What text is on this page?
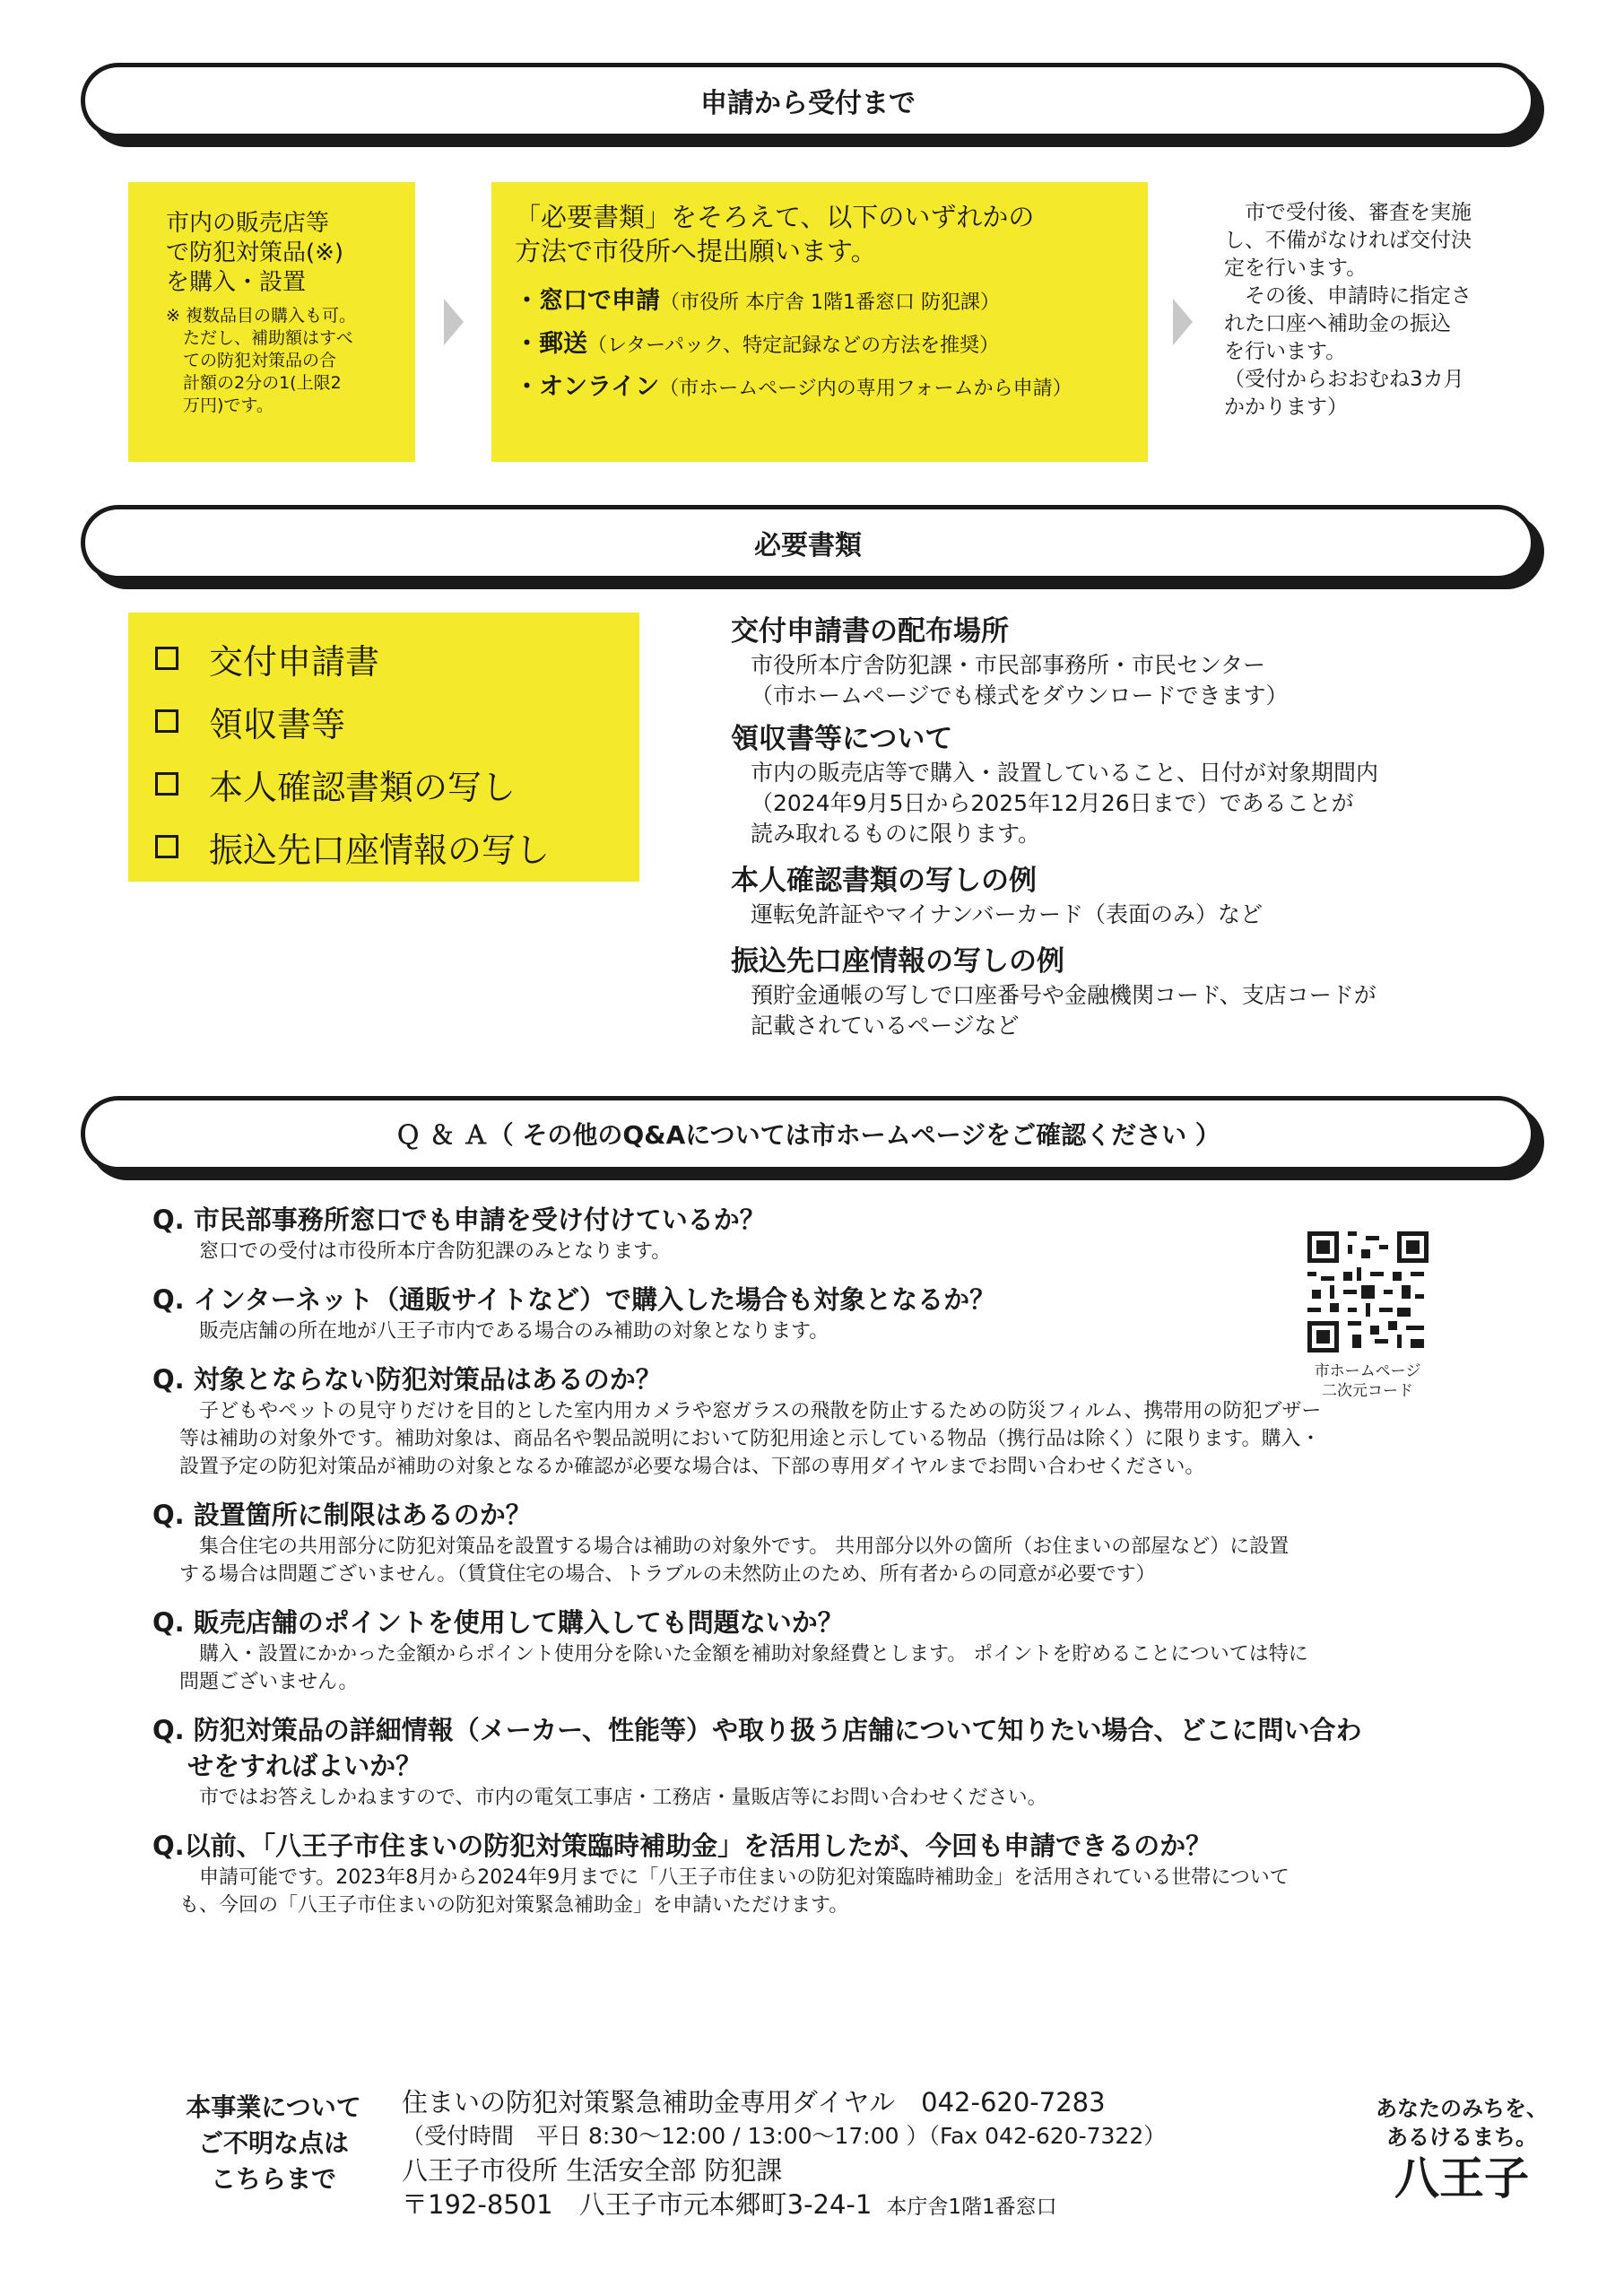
申請から受付まで
市内の販売店等
で防犯対策品(※)
を購入・設置
※ 複数品目の購入も可。
　ただし、補助額はすべ
　ての防犯対策品の合
　計額の2分の1(上限2
　万円)です。
「必要書類」をそろえて、以下のいずれかの
方法で市役所へ提出願います。
・窓口で申請（市役所 本庁舎 1階1番窓口 防犯課）
・郵送（レターパック、特定記録などの方法を推奨）
・オンライン（市ホームページ内の専用フォームから申請）
　市で受付後、審査を実施
し、不備がなければ交付決
定を行います。
　その後、申請時に指定さ
れた口座へ補助金の振込
を行います。
（受付からおおむね3カ月
かかります）
必要書類
交付申請書
領収書等
本人確認書類の写し
振込先口座情報の写し
交付申請書の配布場所
市役所本庁舎防犯課・市民部事務所・市民センター
（市ホームページでも様式をダウンロードできます）
領収書等について
市内の販売店等で購入・設置していること、日付が対象期間内
（2024年9月5日から2025年12月26日まで）であることが
読み取れるものに限ります。
本人確認書類の写しの例
運転免許証やマイナンバーカード（表面のみ）など
振込先口座情報の写しの例
預貯金通帳の写しで口座番号や金融機関コード、支店コードが
記載されているページなど
Ｑ ＆ Ａ（ その他のQ&Aについては市ホームページをご確認ください ）
Q. 市民部事務所窓口でも申請を受け付けているか？
　窓口での受付は市役所本庁舎防犯課のみとなります。
Q. インターネット（通販サイトなど）で購入した場合も対象となるか？
　販売店舗の所在地が八王子市内である場合のみ補助の対象となります。
Q. 対象とならない防犯対策品はあるのか？
　子どもやペットの見守りだけを目的とした室内用カメラや窓ガラスの飛散を防止するための防災フィルム、携帯用の防犯ブザー
等は補助の対象外です。補助対象は、商品名や製品説明において防犯用途と示している物品（携行品は除く）に限ります。購入・
設置予定の防犯対策品が補助の対象となるか確認が必要な場合は、下部の専用ダイヤルまでお問い合わせください。
Q. 設置箇所に制限はあるのか？
　集合住宅の共用部分に防犯対策品を設置する場合は補助の対象外です。 共用部分以外の箇所（お住まいの部屋など）に設置
する場合は問題ございません。（賃貸住宅の場合、トラブルの未然防止のため、所有者からの同意が必要です）
Q. 販売店舗のポイントを使用して購入しても問題ないか？
　購入・設置にかかった金額からポイント使用分を除いた金額を補助対象経費とします。 ポイントを貯めることについては特に
問題ございません。
Q. 防犯対策品の詳細情報（メーカー、性能等）や取り扱う店舗について知りたい場合、どこに問い合わ
　 せをすればよいか？
　市ではお答えしかねますので、市内の電気工事店・工務店・量販店等にお問い合わせください。
Q.以前、「八王子市住まいの防犯対策臨時補助金」を活用したが、今回も申請できるのか？
　申請可能です。2023年8月から2024年9月までに「八王子市住まいの防犯対策臨時補助金」を活用されている世帯について
も、今回の「八王子市住まいの防犯対策緊急補助金」を申請いただけます。
市ホームページ
二次元コード
本事業について
ご不明な点は
こちらまで
住まいの防犯対策緊急補助金専用ダイヤル　042-620-7283
（受付時間　平日 8:30～12:00 / 13:00～17:00 ）（Fax 042-620-7322）
八王子市役所 生活安全部 防犯課
〒192-8501　八王子市元本郷町3-24-1 本庁舎1階1番窓口
あなたのみちを、
あるけるまち。
八王子
